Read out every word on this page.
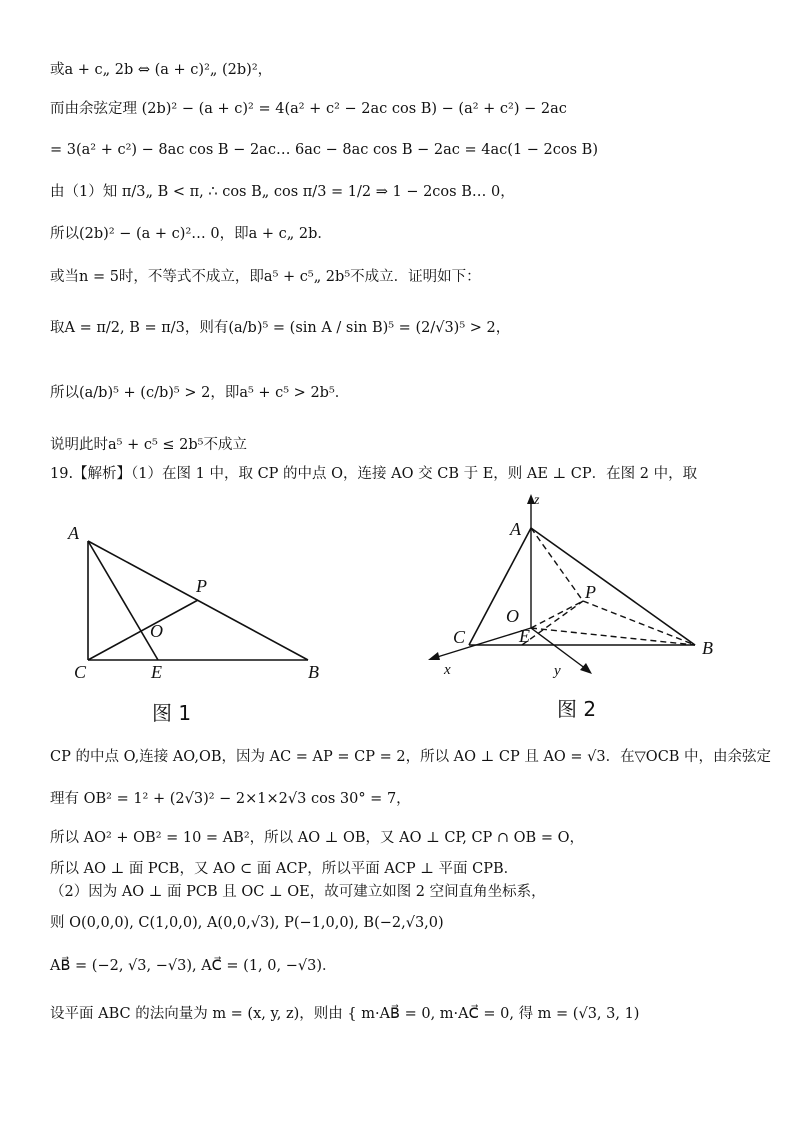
或a + c„ 2b ⇔ (a + c)²„ (2b)²，
而由余弦定理 (2b)² − (a + c)² = 4(a² + c² − 2ac cos B) − (a² + c²) − 2ac
= 3(a² + c²) − 8ac cos B − 2ac… 6ac − 8ac cos B − 2ac = 4ac(1 − 2cos B)
由（1）知 π/3„ B < π, ∴ cos B„ cos π/3 = 1/2 ⇒ 1 − 2cos B… 0，
所以(2b)² − (a + c)²… 0，即a + c„ 2b．
或当n = 5时，不等式不成立，即a⁵ + c⁵„ 2b⁵不成立．证明如下：
取A = π/2, B = π/3，则有(a/b)⁵ = (sin A / sin B)⁵ = (2/√3)⁵ > 2，
所以(a/b)⁵ + (c/b)⁵ > 2，即a⁵ + c⁵ > 2b⁵．
说明此时a⁵ + c⁵ ≤ 2b⁵不成立
19.【解析】（1）在图 1 中，取 CP 的中点 O，连接 AO 交 CB 于 E，则 AE ⊥ CP．在图 2 中，取
A
P
O
C	E	B
图 1
z
A
P
O
C	E
B
x	y
图 2
CP 的中点 O,连接 AO,OB，因为 AC = AP = CP = 2，所以 AO ⊥ CP 且 AO = √3．在▽OCB 中，由余弦定
理有 OB² = 1² + (2√3)² − 2×1×2√3 cos 30° = 7，
所以 AO² + OB² = 10 = AB²，所以 AO ⊥ OB，又 AO ⊥ CP, CP ∩ OB = O，
所以 AO ⊥ 面 PCB，又 AO ⊂ 面 ACP，所以平面 ACP ⊥ 平面 CPB．
（2）因为 AO ⊥ 面 PCB 且 OC ⊥ OE，故可建立如图 2 空间直角坐标系，
则 O(0,0,0), C(1,0,0), A(0,0,√3), P(−1,0,0), B(−2,√3,0)
AB⃗ = (−2, √3, −√3), AC⃗ = (1, 0, −√3)．
设平面 ABC 的法向量为 m = (x, y, z)，则由 { m·AB⃗ = 0, m·AC⃗ = 0, 得 m = (√3, 3, 1)
